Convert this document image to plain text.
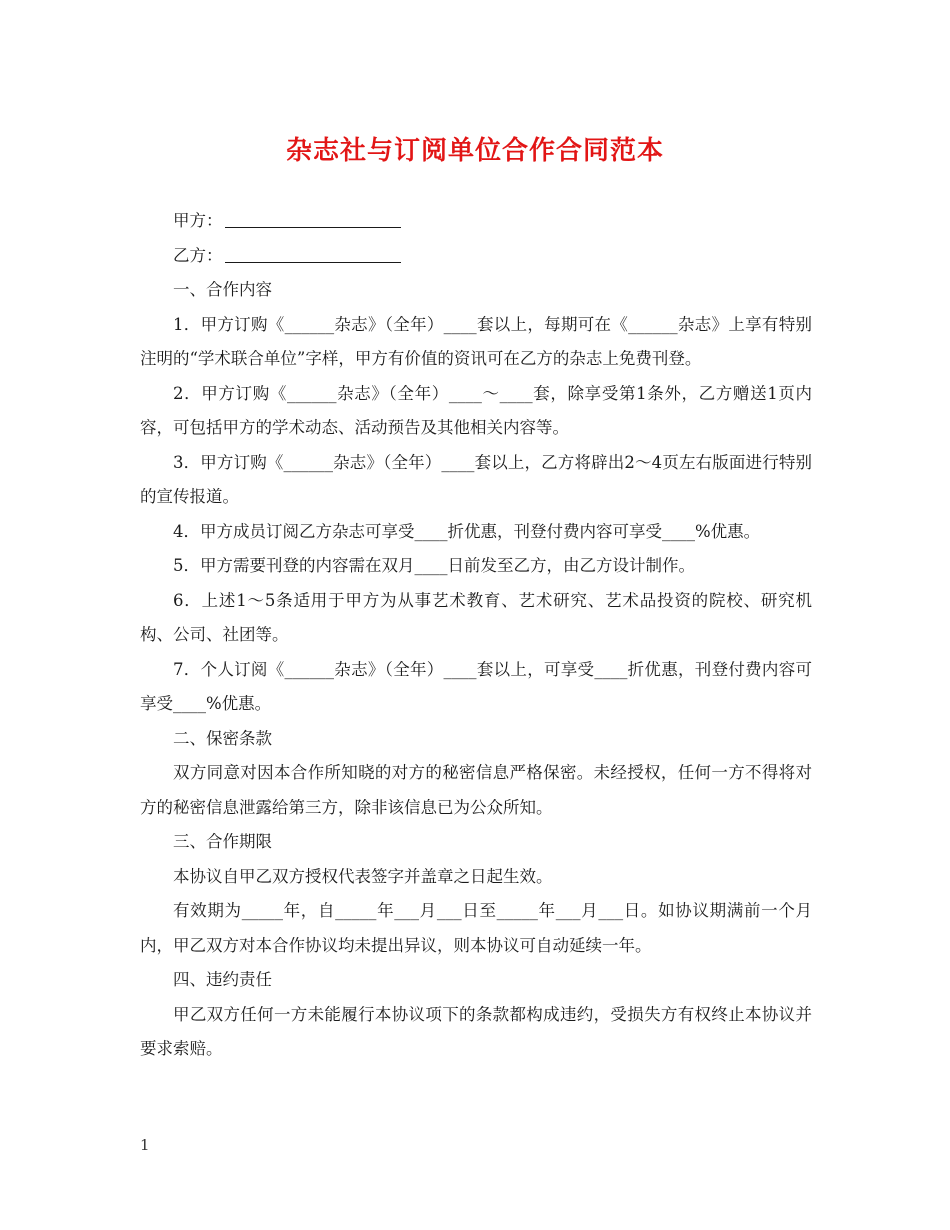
杂志社与订阅单位合作合同范本

甲方：

乙方：

一、合作内容

1．甲方订购《______杂志》（全年）____套以上，每期可在《______杂志》上享有特别注明的“学术联合单位”字样，甲方有价值的资讯可在乙方的杂志上免费刊登。

2．甲方订购《______杂志》（全年）____～____套，除享受第1条外，乙方赠送1页内容，可包括甲方的学术动态、活动预告及其他相关内容等。

3．甲方订购《______杂志》（全年）____套以上，乙方将辟出2～4页左右版面进行特别的宣传报道。

4．甲方成员订阅乙方杂志可享受____折优惠，刊登付费内容可享受____%优惠。

5．甲方需要刊登的内容需在双月____日前发至乙方，由乙方设计制作。

6．上述1～5条适用于甲方为从事艺术教育、艺术研究、艺术品投资的院校、研究机构、公司、社团等。

7．个人订阅《______杂志》（全年）____套以上，可享受____折优惠，刊登付费内容可享受____%优惠。

二、保密条款

双方同意对因本合作所知晓的对方的秘密信息严格保密。未经授权，任何一方不得将对方的秘密信息泄露给第三方，除非该信息已为公众所知。

三、合作期限

本协议自甲乙双方授权代表签字并盖章之日起生效。

有效期为_____年，自_____年___月___日至_____年___月___日。如协议期满前一个月内，甲乙双方对本合作协议均未提出异议，则本协议可自动延续一年。

四、违约责任

甲乙双方任何一方未能履行本协议项下的条款都构成违约，受损失方有权终止本协议并要求索赔。

1
